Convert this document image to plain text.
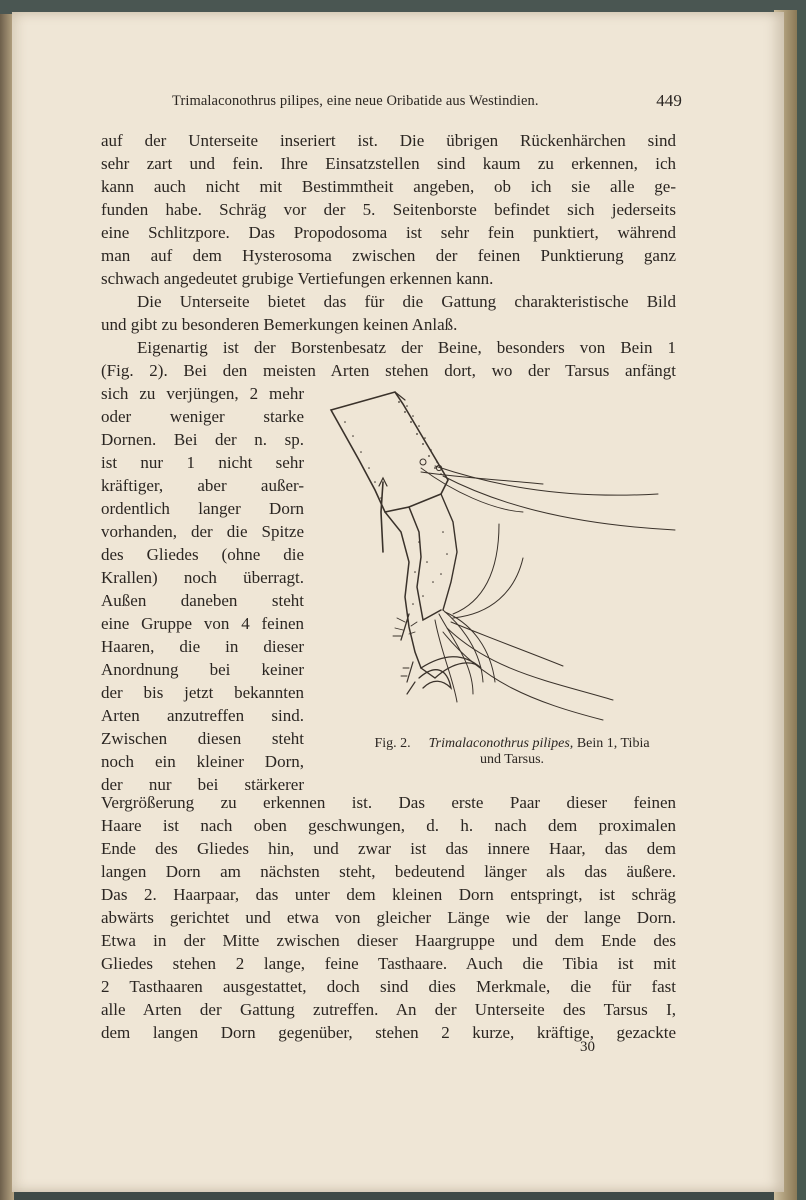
Trimalaconothrus pilipes, eine neue Oribatide aus Westindien.	449
auf der Unterseite inseriert ist. Die übrigen Rückenhärchen sind
sehr zart und fein. Ihre Einsatzstellen sind kaum zu erkennen, ich
kann auch nicht mit Bestimmtheit angeben, ob ich sie alle ge-
funden habe. Schräg vor der 5. Seitenborste befindet sich jederseits
eine Schlitzpore. Das Propodosoma ist sehr fein punktiert, während
man auf dem Hysterosoma zwischen der feinen Punktierung ganz
schwach angedeutet grubige Vertiefungen erkennen kann.
Die Unterseite bietet das für die Gattung charakteristische Bild
und gibt zu besonderen Bemerkungen keinen Anlaß.
Eigenartig ist der Borstenbesatz der Beine, besonders von Bein 1
(Fig. 2). Bei den meisten Arten stehen dort, wo der Tarsus anfängt
sich zu verjüngen, 2 mehr
oder weniger starke
Dornen. Bei der n. sp.
ist nur 1 nicht sehr
kräftiger, aber außer-
ordentlich langer Dorn
vorhanden, der die Spitze
des Gliedes (ohne die
Krallen) noch überragt.
Außen daneben steht
eine Gruppe von 4 feinen
Haaren, die in dieser
Anordnung bei keiner
der bis jetzt bekannten
Arten anzutreffen sind.
Zwischen diesen steht
noch ein kleiner Dorn,
der nur bei stärkerer
Fig. 2. Trimalaconothrus pilipes, Bein 1, Tibia
und Tarsus.
Vergrößerung zu erkennen ist. Das erste Paar dieser feinen
Haare ist nach oben geschwungen, d. h. nach dem proximalen
Ende des Gliedes hin, und zwar ist das innere Haar, das dem
langen Dorn am nächsten steht, bedeutend länger als das äußere.
Das 2. Haarpaar, das unter dem kleinen Dorn entspringt, ist schräg
abwärts gerichtet und etwa von gleicher Länge wie der lange Dorn.
Etwa in der Mitte zwischen dieser Haargruppe und dem Ende des
Gliedes stehen 2 lange, feine Tasthaare. Auch die Tibia ist mit
2 Tasthaaren ausgestattet, doch sind dies Merkmale, die für fast
alle Arten der Gattung zutreffen. An der Unterseite des Tarsus I,
dem langen Dorn gegenüber, stehen 2 kurze, kräftige, gezackte
30
